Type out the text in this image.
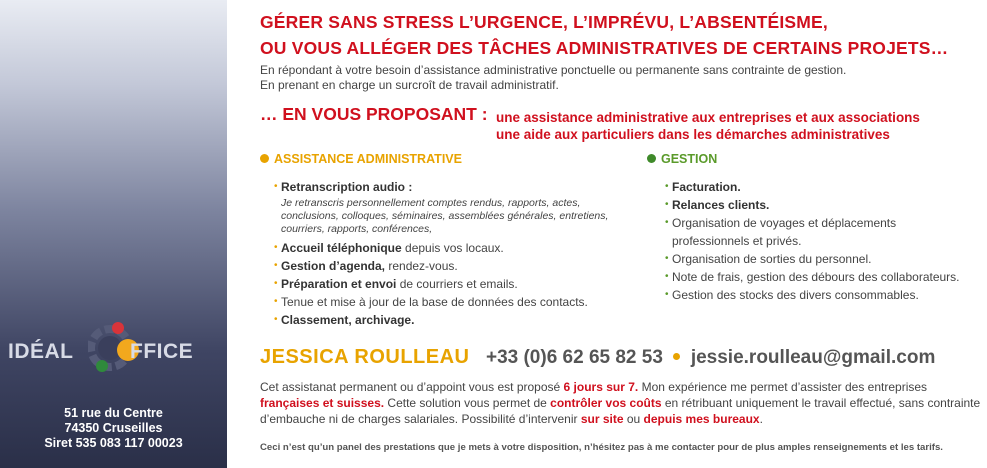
IDÉAL	FFICE
51 rue du Centre
74350 Cruseilles
Siret 535 083 117 00023
GÉRER SANS STRESS L’URGENCE, L’IMPRÉVU, L’ABSENTÉISME,
OU VOUS ALLÉGER DES TÂCHES ADMINISTRATIVES DE CERTAINS PROJETS…
En répondant à votre besoin d’assistance administrative ponctuelle ou permanente sans contrainte de gestion.
En prenant en charge un surcroît de travail administratif.
… EN VOUS PROPOSANT : une assistance administrative aux entreprises et aux associations
une aide aux particuliers dans les démarches administratives
ASSISTANCE ADMINISTRATIVE	GESTION
• Retranscription audio :
Je retranscris personnellement comptes rendus, rapports, actes, conclusions, colloques, séminaires, assemblées générales, entretiens, courriers, rapports, conférences,
• Accueil téléphonique depuis vos locaux.
• Gestion d’agenda, rendez-vous.
• Préparation et envoi de courriers et emails.
• Tenue et mise à jour de la base de données des contacts.
• Classement, archivage.
• Facturation.
• Relances clients.
• Organisation de voyages et déplacements professionnels et privés.
• Organisation de sorties du personnel.
• Note de frais, gestion des débours des collaborateurs.
• Gestion des stocks des divers consommables.
JESSICA ROULLEAU +33 (0)6 62 65 82 53 jessie.roulleau@gmail.com
Cet assistanat permanent ou d’appoint vous est proposé 6 jours sur 7. Mon expérience me permet d’assister des entreprises françaises et suisses. Cette solution vous permet de contrôler vos coûts en rétribuant uniquement le travail effectué, sans contrainte d’embauche ni de charges salariales. Possibilité d’intervenir sur site ou depuis mes bureaux.
Ceci n’est qu’un panel des prestations que je mets à votre disposition, n’hésitez pas à me contacter pour de plus amples renseignements et les tarifs.
